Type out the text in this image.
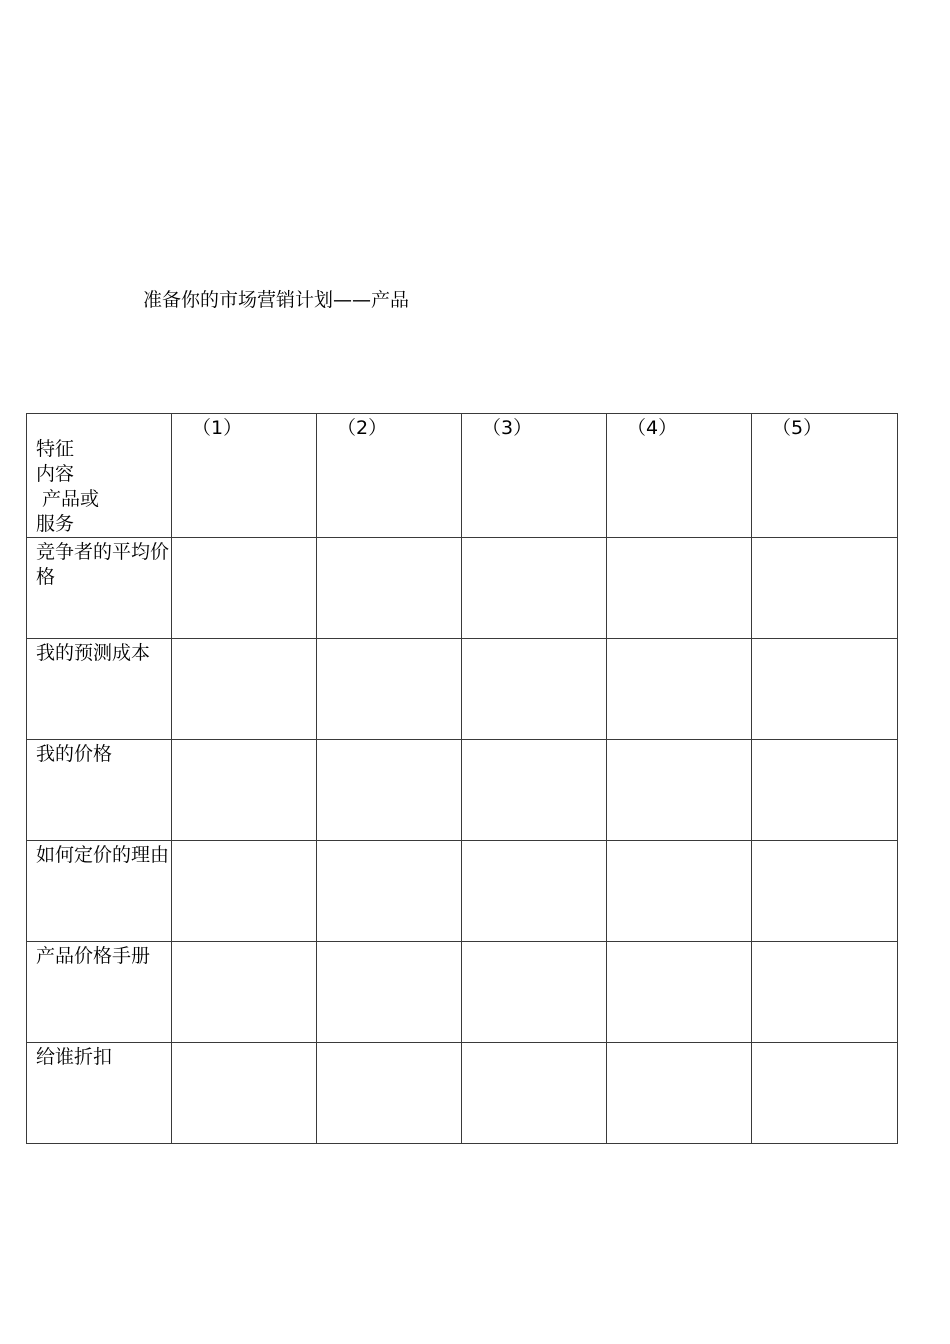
准备你的市场营销计划——产品
特征
内容
产品或
服务	（1）	（2）	（3）	（4）	（5）
竞争者的平均价格					
我的预测成本					
我的价格					
如何定价的理由					
产品价格手册					
给谁折扣					
